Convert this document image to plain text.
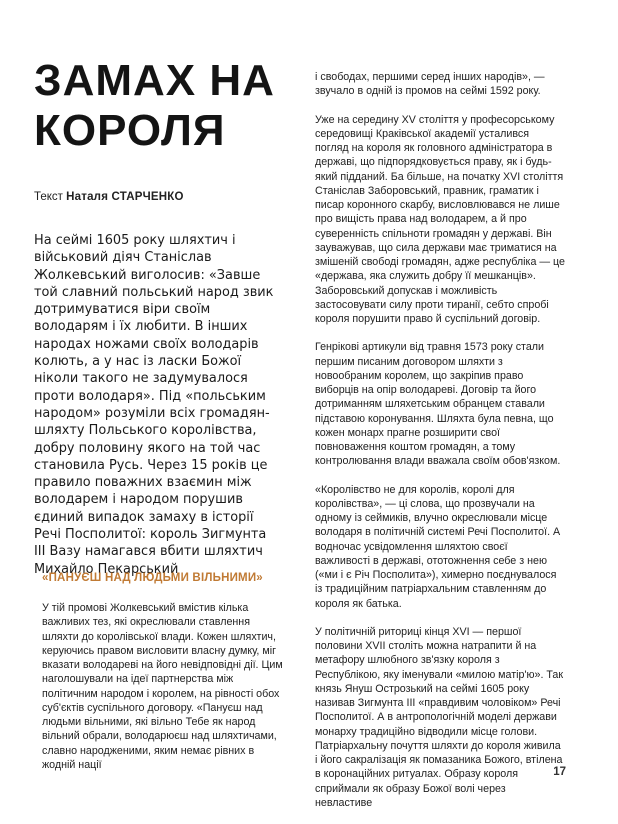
ЗАМАХ НА КОРОЛЯ
Текст Наталя СТАРЧЕНКО

На сеймі 1605 року шляхтич і військовий діяч Станіслав Жолкевський виголосив: «Завше той славний польський народ звик дотримуватися віри своїм володарям і їх любити. В інших народах ножами своїх володарів колють, а у нас із ласки Божої ніколи такого не задумувалося проти володаря». Під «польським народом» розуміли всіх громадян-шляхту Польського королівства, добру половину якого на той час становила Русь. Через 15 років це правило поважних взаємин між володарем і народом порушив єдиний випадок замаху в історії Речі Посполитої: король Зигмунта ІІІ Вазу намагався вбити шляхтич Михайло Пекарський

«ПАНУЄШ НАД ЛЮДЬМИ ВІЛЬНИМИ»

У тій промові Жолкевський вмістив кілька важливих тез, які окреслювали ставлення шляхти до королівської влади. Кожен шляхтич, керуючись правом висловити власну думку, міг вказати володареві на його невідповідні дії. Цим наголошували на ідеї партнерства між політичним народом і королем, на рівності обох суб'єктів суспільного договору. «Пануєш над людьми вільними, які вільно Тебе як народ вільний обрали, володарюєш над шляхтичами, славно народженими, яким немає рівних в жодній нації

і свободах, першими серед інших народів», — звучало в одній із промов на сеймі 1592 року.

Уже на середину XV століття у професорському середовищі Краківської академії усталився погляд на короля як головного адміністратора в державі, що підпорядковується праву, як і будь-який підданий. Ба більше, на початку XVI століття Станіслав Заборовський, правник, граматик і писар коронного скарбу, висловлювався не лише про вищість права над володарем, а й про суверенність спільноти громадян у державі. Він зауважував, що сила держави має триматися на змішеній свободі громадян, адже республіка — це «держава, яка служить добру її мешканців». Заборовський допускав і можливість застосовувати силу проти тиранії, себто спробі короля порушити право й суспільний договір.

Генрікові артикули від травня 1573 року стали першим писаним договором шляхти з новообраним королем, що закріпив право виборців на опір володареві. Договір та його дотриманням шляхетським обранцем ставали підставою коронування. Шляхта була певна, що кожен монарх прагне розширити свої повноваження коштом громадян, а тому контролювання влади вважала своїм обов'язком.

«Королівство не для королів, королі для королівства», — ці слова, що прозвучали на одному із сеймиків, влучно окреслювали місце володаря в політичній системі Речі Посполитої. А водночас усвідомлення шляхтою своєї важливості в державі, ототожнення себе з нею («ми і є Річ Посполита»), химерно поєднувалося із традиційним патріархальним ставленням до короля як батька.

У політичній риториці кінця XVI — першої половини XVII століть можна натрапити й на метафору шлюбного зв'язку короля з Республікою, яку іменували «милою матір'ю». Так князь Януш Острозький на сеймі 1605 року називав Зигмунта ІІІ «правдивим чоловіком» Речі Посполитої. А в антропологічній моделі держави монарху традиційно відводили місце голови. Патріархальну почуття шляхти до короля живила і його сакралізація як помазаника Божого, втілена в коронаційних ритуалах. Образу короля сприймали як образу Божої волі через невластиве

17
